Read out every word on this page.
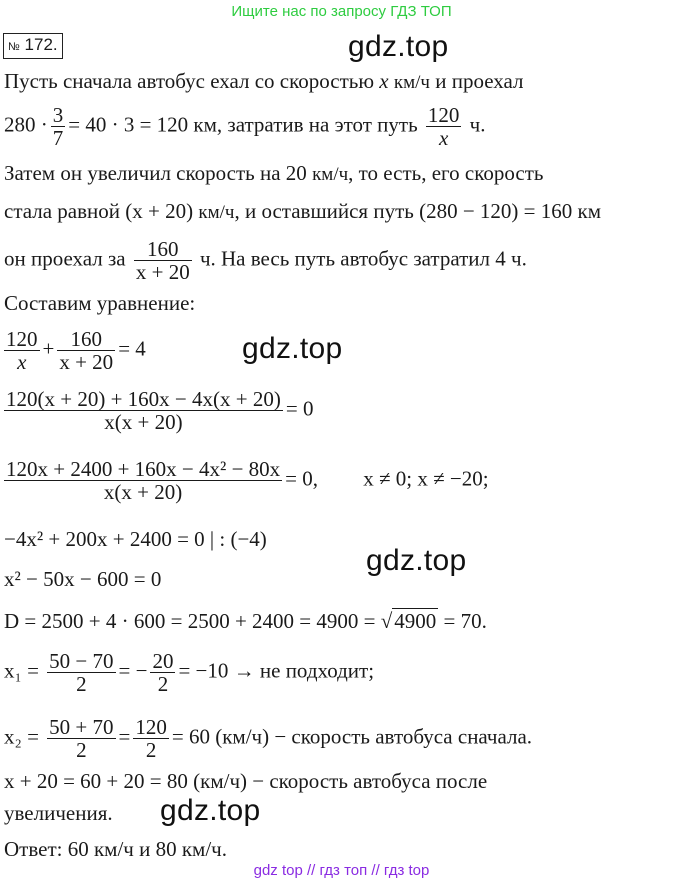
Ищите нас по запросу ГДЗ ТОП
№ 172.	gdz.top
gdz.top
gdz.top
gdz.top
Пусть сначала автобус ехал со скоростью x км/ч и проехал
$280 \cdot \frac{3}{7} = 40 \cdot 3 = 120$ км, затратив на этот путь $\frac{120}{x} ч$.
Затем он увеличил скорость на 20 км/ч, то есть, его скорость
стала равной (x + 20) км/ч, и оставшийся путь (280 − 120) = 160 км
он проехал за $\frac{160}{x + 20} ч$. На весь путь автобус затратил 4 ч.
Составим уравнение:
$\frac{120}{x} + \frac{160}{x + 20} = 4$
$\frac{120(x + 20) + 160x - 4x(x + 20)}{x(x + 20)} = 0$
$\frac{\text{120x + 2400 + 160x − 4x² − 80x}}{x(x + 20)} = 0$, x ≠ 0; x ≠ −20;
−4x² + 200x + 2400 = 0 | : (−4)
x² − 50x − 600 = 0
D = 2500 + 4 · 600 = 2500 + 2400 = 4900 = √4900 = 70.
$x_1 = \frac{50 - 70}{2}$ = − $\frac{20}{2} = -10$ → не подходит;
$x_2 = \frac{50 + 70}{2} = \frac{120}{2} = 60$ (км/ч) − скорость автобуса сначала.
x + 20 = 60 + 20 = 80 (км/ч) − скорость автобуса после
увеличения.
Ответ: 60 км/ч и 80 км/ч.
gdz top // гдз топ // гдз top
